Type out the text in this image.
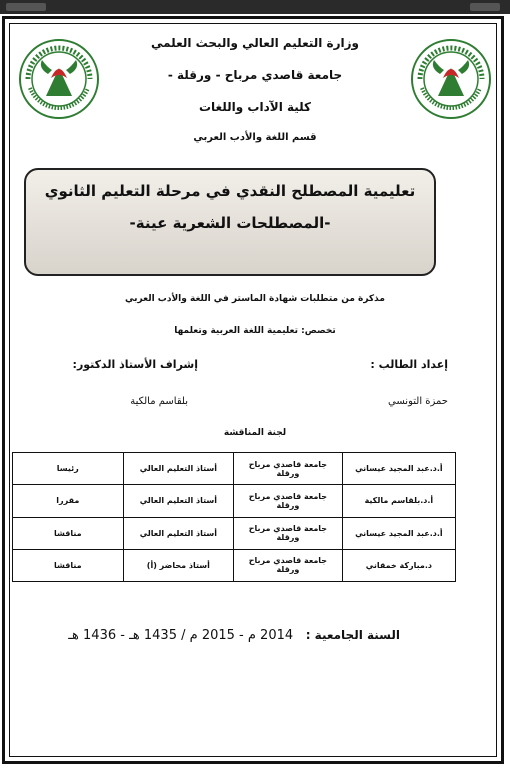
وزارة التعليم العالي والبحث العلمي
جامعة قاصدي مرباح - ورقلة -
كلية الآداب واللغات
قسم اللغة والأدب العربي
تعليمية المصطلح النقدي في مرحلة التعليم الثانوي
-المصطلحات الشعرية عينة-
مذكرة من متطلبات شهادة الماستر في اللغة والأدب العربي
تخصص: تعليمية اللغة العربية وتعلمها
إعداد الطالب :
إشراف الأستاذ الدكتور:
حمزة التونسي
بلقاسم مالكية
لجنة المناقشة
أ.د.عبد المجيد عيساني	جامعة قاصدي مرباح ورقلة	أستاذ التعليم العالي	رئيسا
أ.د.بلقاسم مالكية	جامعة قاصدي مرباح ورقلة	أستاذ التعليم العالي	مقررا
أ.د.عبد المجيد عيساني	جامعة قاصدي مرباح ورقلة	أستاذ التعليم العالي	مناقشا
د.مباركة خمقاني	جامعة قاصدي مرباح ورقلة	أستاذ محاضر (أ)	مناقشا
السنة الجامعية :   2014 م - 2015 م / 1435 هـ - 1436 هـ
